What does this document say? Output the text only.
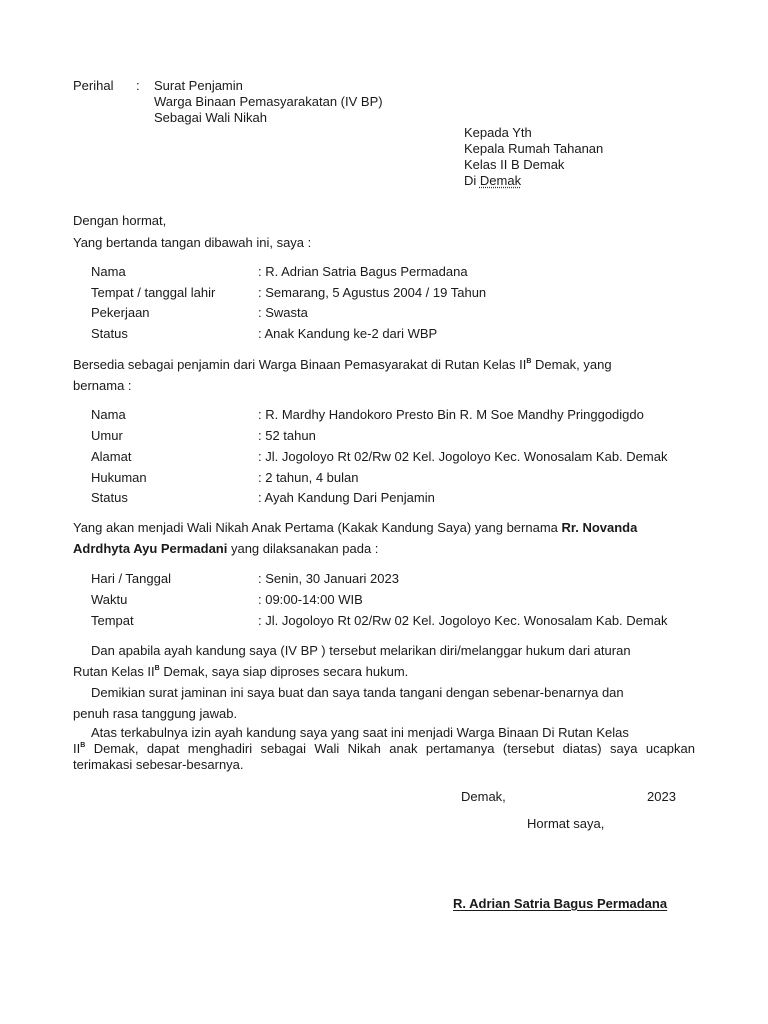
Perihal : Surat Penjamin
Warga Binaan Pemasyarakatan (IV BP)
Sebagai Wali Nikah
Kepada Yth
Kepala Rumah Tahanan
Kelas II B Demak
Di Demak
Dengan hormat,
Yang bertanda tangan dibawah ini, saya :
Nama	: R. Adrian Satria Bagus Permadana
Tempat / tanggal lahir	: Semarang, 5 Agustus 2004 / 19 Tahun
Pekerjaan	: Swasta
Status	: Anak Kandung ke-2 dari WBP
Bersedia sebagai penjamin dari Warga Binaan Pemasyarakat di Rutan Kelas $II^B$ Demak, yang
bernama :
Nama	: R. Mardhy Handokoro Presto Bin R. M Soe Mandhy Pringgodigdo
Umur	: 52 tahun
Alamat	: Jl. Jogoloyo Rt 02/Rw 02 Kel. Jogoloyo Kec. Wonosalam Kab. Demak
Hukuman	: 2 tahun, 4 bulan
Status	: Ayah Kandung Dari Penjamin
Yang akan menjadi Wali Nikah Anak Pertama (Kakak Kandung Saya) yang bernama Rr. Novanda
Adrdhyta Ayu Permadani yang dilaksanakan pada :
Hari / Tanggal	: Senin, 30 Januari 2023
Waktu	: 09:00-14:00 WIB
Tempat	: Jl. Jogoloyo Rt 02/Rw 02 Kel. Jogoloyo Kec. Wonosalam Kab. Demak
Dan apabila ayah kandung saya (IV BP ) tersebut melarikan diri/melanggar hukum dari aturan
Rutan Kelas $II^B$ Demak, saya siap diproses secara hukum.
Demikian surat jaminan ini saya buat dan saya tanda tangani dengan sebenar-benarnya dan
penuh rasa tanggung jawab.
Atas terkabulnya izin ayah kandung saya yang saat ini menjadi Warga Binaan Di Rutan Kelas
$II^B$ Demak, dapat menghadiri sebagai Wali Nikah anak pertamanya (tersebut diatas) saya ucapkan
terimakasi sebesar-besarnya.
Demak,	2023
Hormat saya,
R. Adrian Satria Bagus Permadana
